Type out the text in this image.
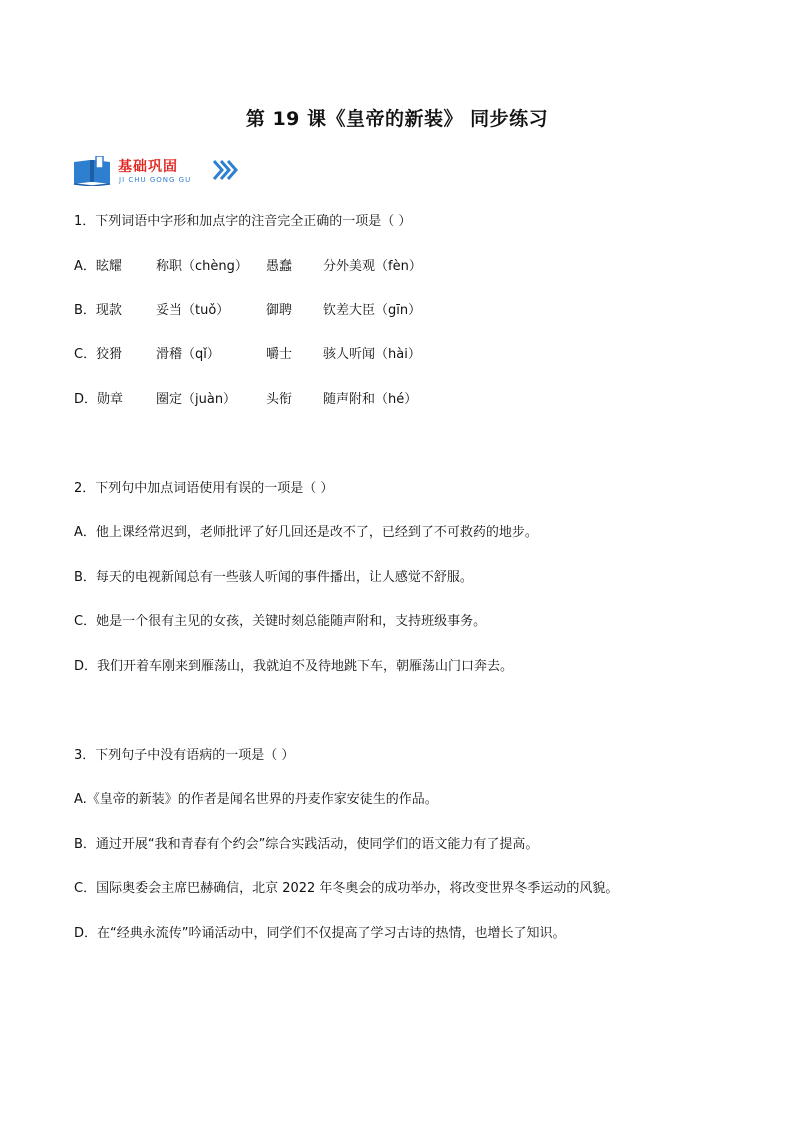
第 19 课《皇帝的新装》 同步练习
基础巩固
JI CHU GONG GU
1．下列词语中字形和加点字的注音完全正确的一项是（ ）
A．眩耀	称职（chèng） 愚蠢 分外美观（fèn）
B．现款	妥当（tuǒ）	御聘 钦差大臣（gīn）
C．狡猾	滑稽（qǐ）	嚼士 骇人听闻（hài）
D．勋章	圈定（juàn） 头衔 随声附和（hé）
2．下列句中加点词语使用有误的一项是（ ）
A．他上课经常迟到，老师批评了好几回还是改不了，已经到了不可救药的地步。
B．每天的电视新闻总有一些骇人听闻的事件播出，让人感觉不舒服。
C．她是一个很有主见的女孩，关键时刻总能随声附和，支持班级事务。
D．我们开着车刚来到雁荡山，我就迫不及待地跳下车，朝雁荡山门口奔去。
3．下列句子中没有语病的一项是（ ）
A.《皇帝的新装》的作者是闻名世界的丹麦作家安徒生的作品。
B．通过开展“我和青春有个约会”综合实践活动，使同学们的语文能力有了提高。
C．国际奥委会主席巴赫确信，北京 2022 年冬奥会的成功举办，将改变世界冬季运动的风貌。
D．在“经典永流传”吟诵活动中，同学们不仅提高了学习古诗的热情，也增长了知识。
